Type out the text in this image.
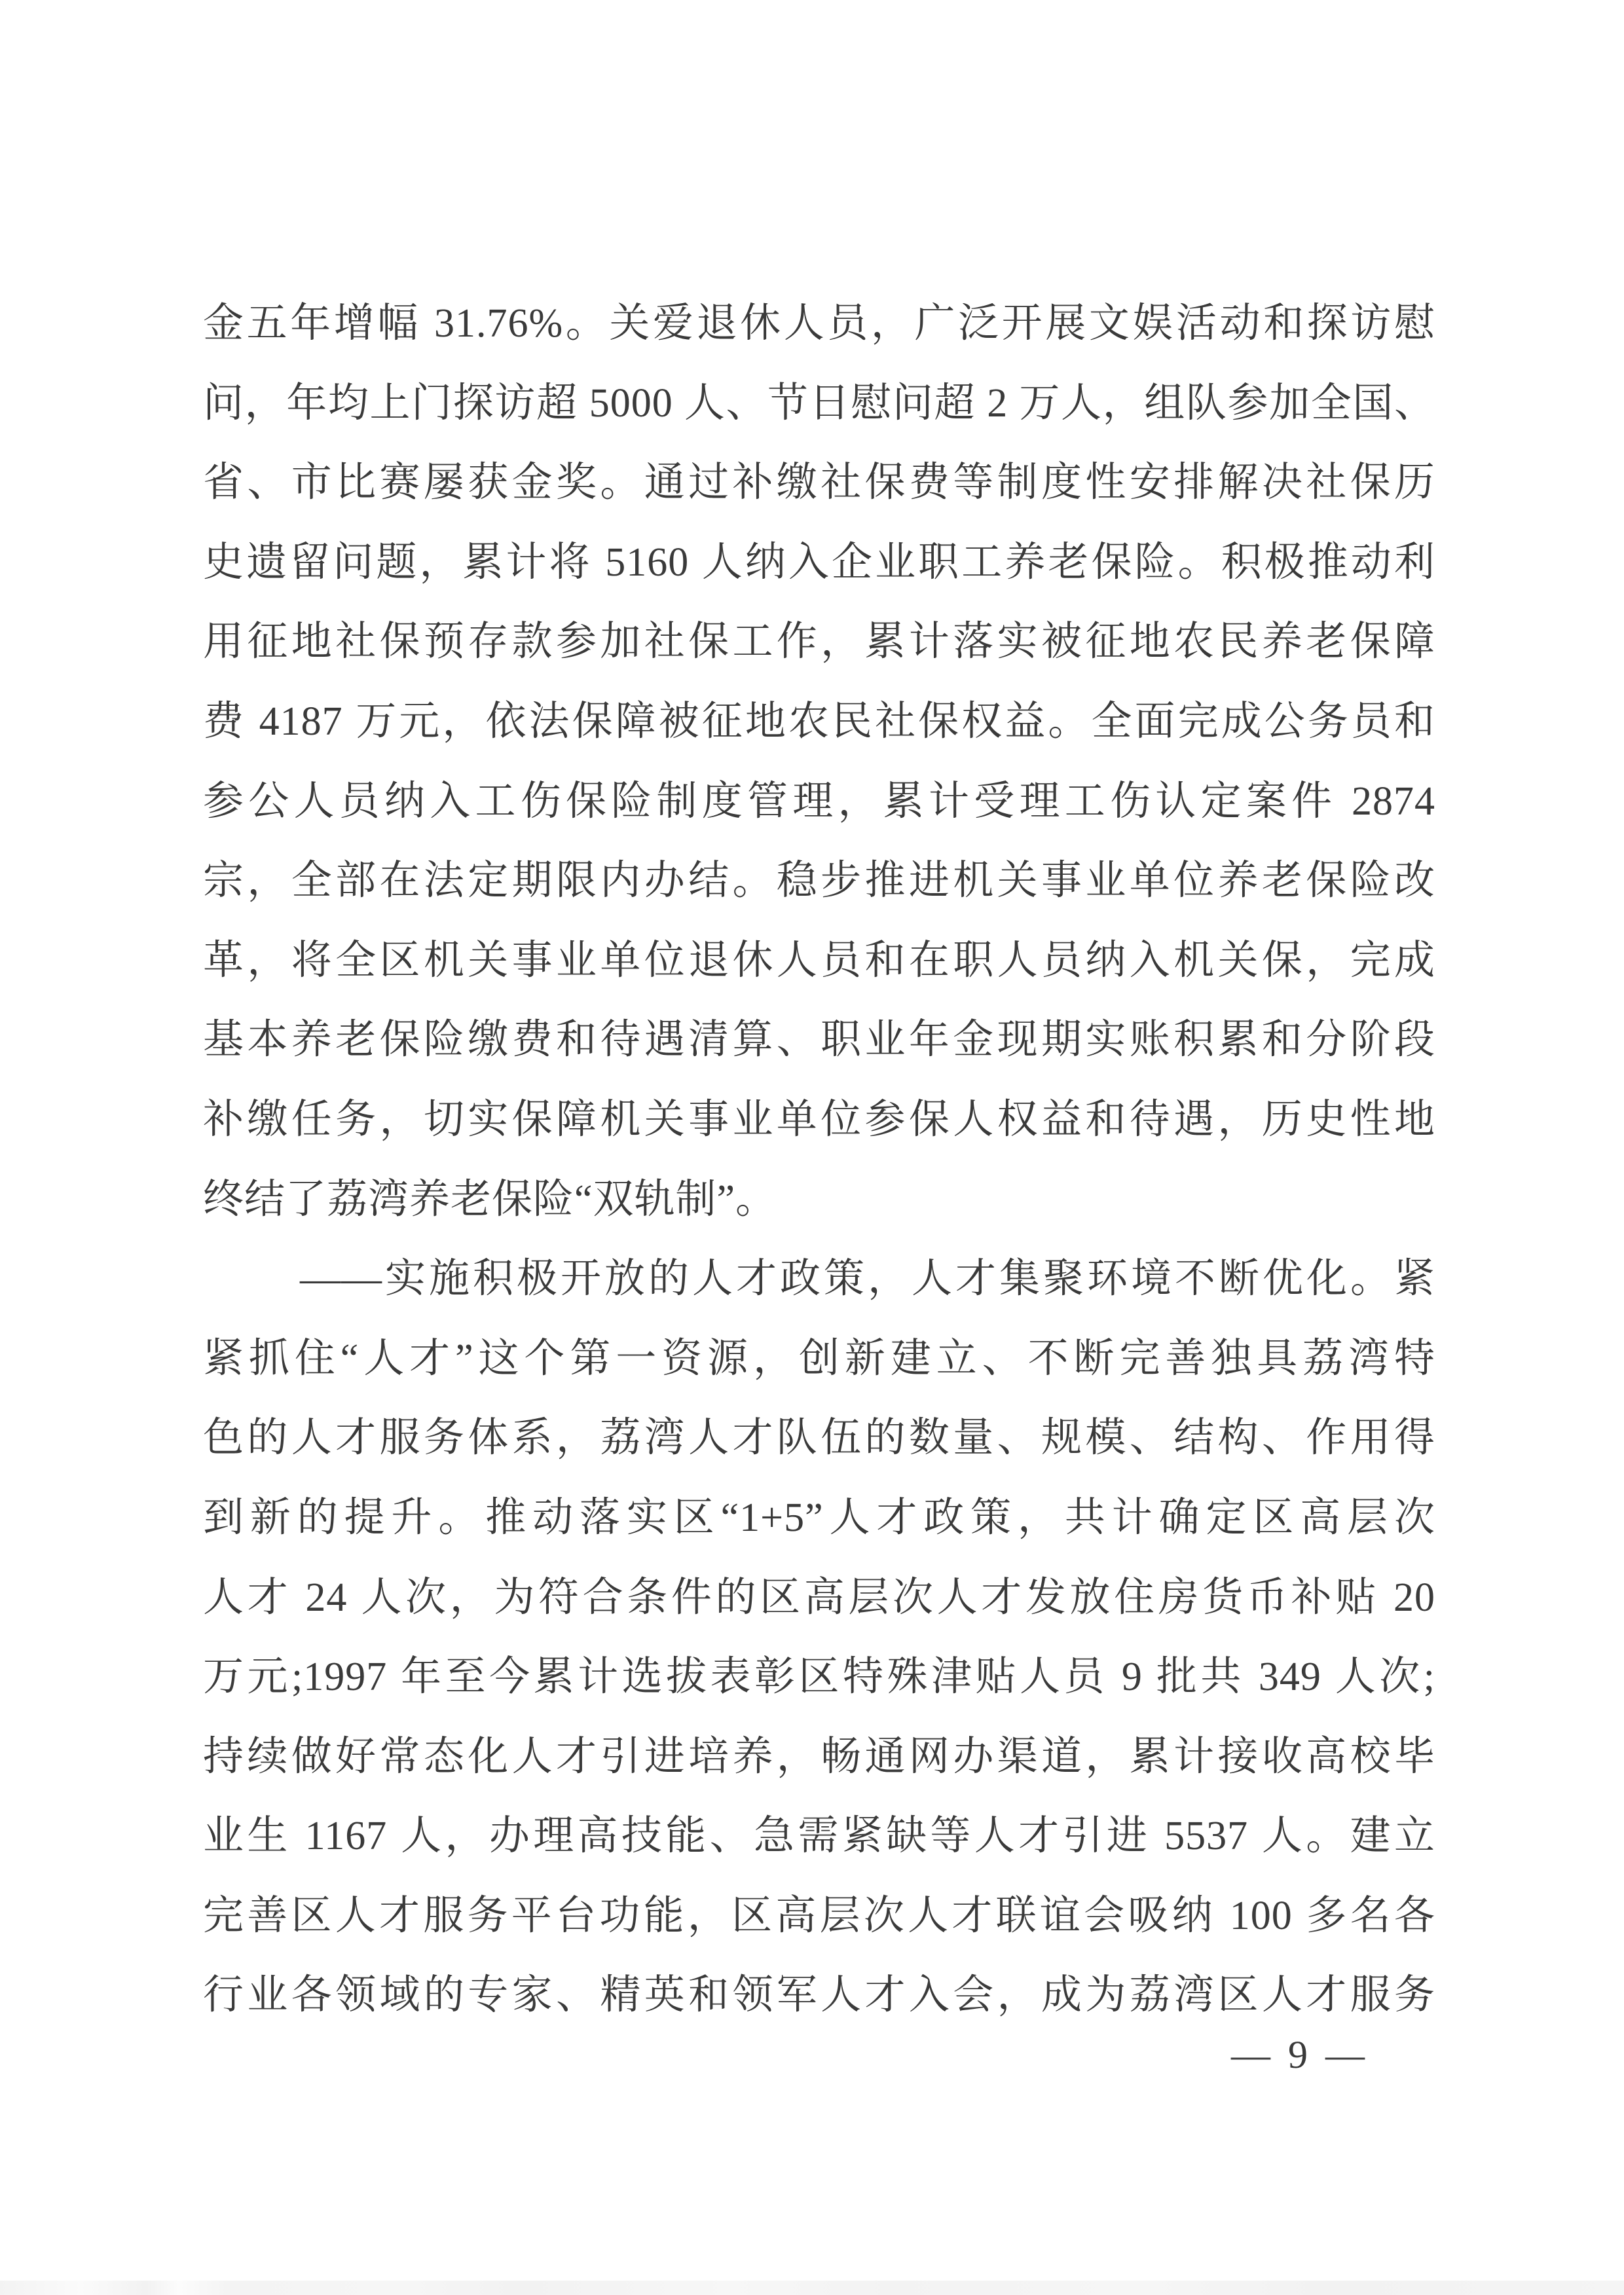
金五年增幅 31.76%。关爱退休人员，广泛开展文娱活动和探访慰
问，年均上门探访超 5000 人、节日慰问超 2 万人，组队参加全国、
省、市比赛屡获金奖。通过补缴社保费等制度性安排解决社保历
史遗留问题，累计将 5160 人纳入企业职工养老保险。积极推动利
用征地社保预存款参加社保工作，累计落实被征地农民养老保障
费 4187 万元，依法保障被征地农民社保权益。全面完成公务员和
参公人员纳入工伤保险制度管理，累计受理工伤认定案件 2874
宗，全部在法定期限内办结。稳步推进机关事业单位养老保险改
革，将全区机关事业单位退休人员和在职人员纳入机关保，完成
基本养老保险缴费和待遇清算、职业年金现期实账积累和分阶段
补缴任务，切实保障机关事业单位参保人权益和待遇，历史性地
终结了荔湾养老保险“双轨制”。
——实施积极开放的人才政策，人才集聚环境不断优化。紧
紧抓住“人才”这个第一资源，创新建立、不断完善独具荔湾特
色的人才服务体系，荔湾人才队伍的数量、规模、结构、作用得
到新的提升。推动落实区“1+5”人才政策，共计确定区高层次
人才 24 人次，为符合条件的区高层次人才发放住房货币补贴 20
万元;1997 年至今累计选拔表彰区特殊津贴人员 9 批共 349 人次;
持续做好常态化人才引进培养，畅通网办渠道，累计接收高校毕
业生 1167 人，办理高技能、急需紧缺等人才引进 5537 人。建立
完善区人才服务平台功能，区高层次人才联谊会吸纳 100 多名各
行业各领域的专家、精英和领军人才入会，成为荔湾区人才服务
— 9 —
